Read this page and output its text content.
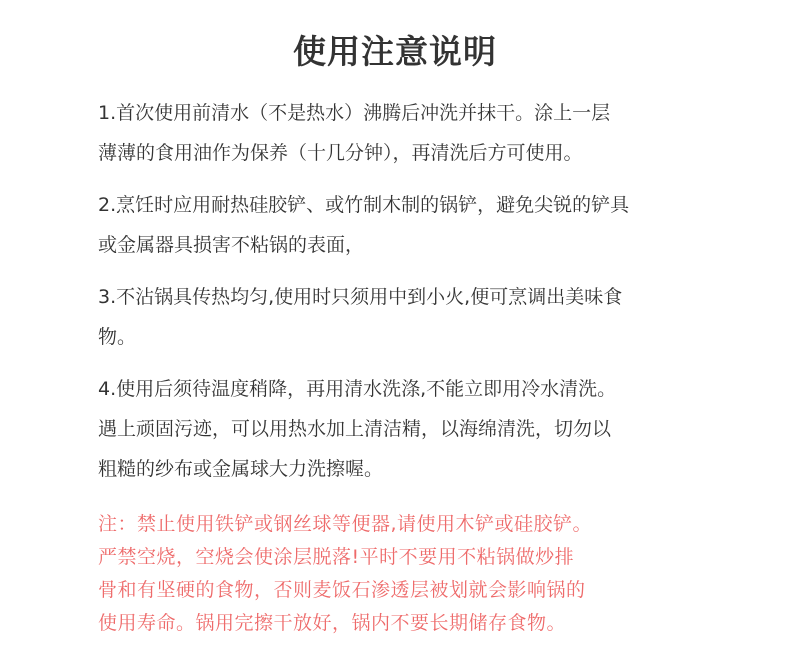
使用注意说明
1.首次使用前清水（不是热水）沸腾后冲洗并抹干。涂上一层
薄薄的食用油作为保养（十几分钟），再清洗后方可使用。
2.烹饪时应用耐热硅胶铲、或竹制木制的锅铲，避免尖锐的铲具
或金属器具损害不粘锅的表面，
3.不沾锅具传热均匀,使用时只须用中到小火,便可烹调出美味食
物。
4.使用后须待温度稍降，再用清水洗涤,不能立即用冷水清洗。
遇上顽固污迹，可以用热水加上清洁精，以海绵清洗，切勿以
粗糙的纱布或金属球大力洗擦喔。
注：禁止使用铁铲或钢丝球等便器,请使用木铲或硅胶铲。
严禁空烧，空烧会使涂层脱落!平时不要用不粘锅做炒排
骨和有坚硬的食物，否则麦饭石渗透层被划就会影响锅的
使用寿命。锅用完擦干放好，锅内不要长期储存食物。
